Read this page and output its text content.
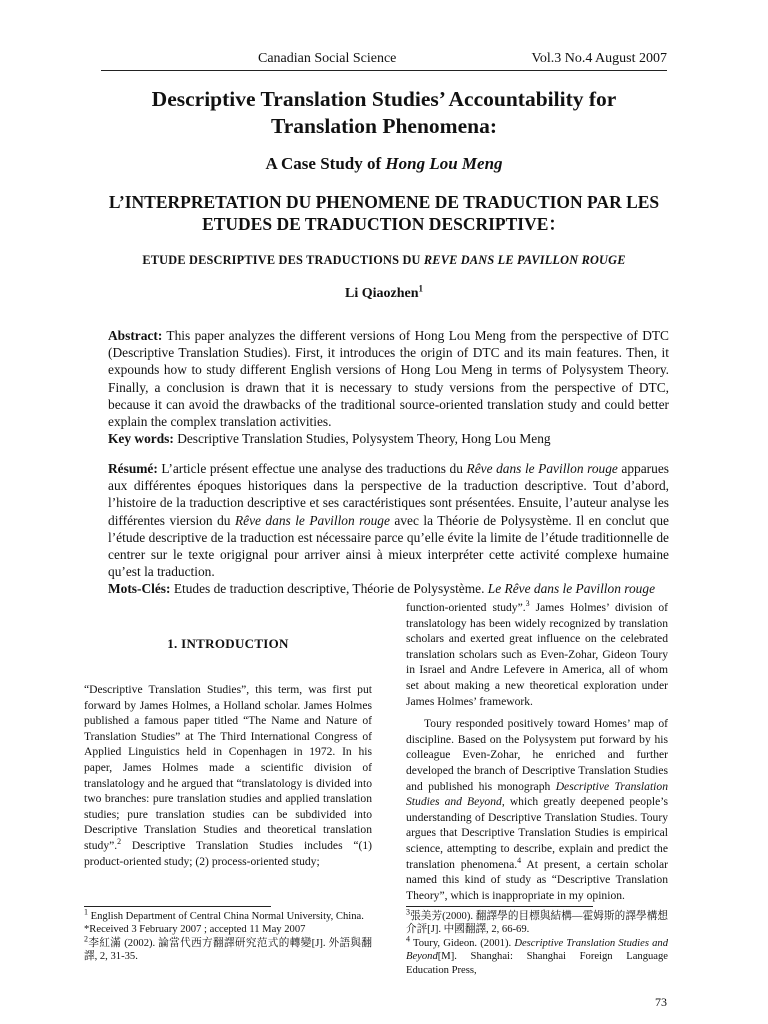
Canadian Social Science	Vol.3 No.4 August 2007
Descriptive Translation Studies’ Accountability for
Translation Phenomena:
A Case Study of Hong Lou Meng
L’INTERPRETATION DU PHENOMENE DE TRADUCTION PAR LES
ETUDES DE TRADUCTION DESCRIPTIVE：
ETUDE DESCRIPTIVE DES TRADUCTIONS DU REVE DANS LE PAVILLON ROUGE
Li Qiaozhen$^1$

Abstract: This paper analyzes the different versions of Hong Lou Meng from the perspective of DTC (Descriptive Translation Studies). First, it introduces the origin of DTC and its main features. Then, it expounds how to study different English versions of Hong Lou Meng in terms of Polysystem Theory. Finally, a conclusion is drawn that it is necessary to study versions from the perspective of DTC, because it can avoid the drawbacks of the traditional source-oriented translation study and could better explain the complex translation activities.

Key words: Descriptive Translation Studies, Polysystem Theory, Hong Lou Meng

Résumé: L’article présent effectue une analyse des traductions du Rêve dans le Pavillon rouge apparues aux différentes époques historiques dans la perspective de la traduction descriptive. Tout d’abord, l’histoire de la traduction descriptive et ses caractéristiques sont présentées. Ensuite, l’auteur analyse les différentes viersion du Rêve dans le Pavillon rouge avec la Théorie de Polysystème. Il en conclut que l’étude descriptive de la traduction est nécessaire parce qu’elle évite la limite de l’étude traditionnelle de centrer sur le texte origignal pour arriver ainsi à mieux interpréter cette activité complexe humaine qu’est la traduction.

Mots-Clés: Etudes de traduction descriptive, Théorie de Polysystème. Le Rêve dans le Pavillon rouge

1. INTRODUCTION

“Descriptive Translation Studies”, this term, was first put forward by James Holmes, a Holland scholar. James Holmes published a famous paper titled “The Name and Nature of Translation Studies” at The Third International Congress of Applied Linguistics held in Copenhagen in 1972. In his paper, James Holmes made a scientific division of translatology and he argued that “translatology is divided into two branches: pure translation studies and applied translation studies; pure translation studies can be subdivided into Descriptive Translation Studies and theoretical translation study”.$^2$ Descriptive Translation Studies includes “(1) product-oriented study; (2) process-oriented study;

function-oriented study”.$^3$ James Holmes’ division of translatology has been widely recognized by translation scholars and exerted great influence on the celebrated translation scholars such as Even-Zohar, Gideon Toury in Israel and Andre Lefevere in America, all of whom set about making a new theoretical exploration under James Holmes’ framework.

Toury responded positively toward Homes’ map of discipline. Based on the Polysystem put forward by his colleague Even-Zohar, he enriched and further developed the branch of Descriptive Translation Studies and published his monograph Descriptive Translation Studies and Beyond, which greatly deepened people’s understanding of Descriptive Translation Studies. Toury argues that Descriptive Translation Studies is empirical science, attempting to describe, explain and predict the translation phenomena.$^4$ At present, a certain scholar named this kind of study as “Descriptive Translation Theory”, which is inappropriate in my opinion.

$^1$ English Department of Central China Normal University, China.

*Received 3 February 2007 ; accepted 11 May 2007

$^2$李紅滿 (2002). 論當代西方翻譯研究范式的轉變[J]. 外語與翻譯, 2, 31-35.

$^3$張美芳(2000). 翻譯學的目標與結構—霍姆斯的譯學構想介評[J]. 中國翻譯, 2, 66-69.

$^4$ Toury, Gideon. (2001). Descriptive Translation Studies and Beyond[M]. Shanghai: Shanghai Foreign Language Education Press,

73
